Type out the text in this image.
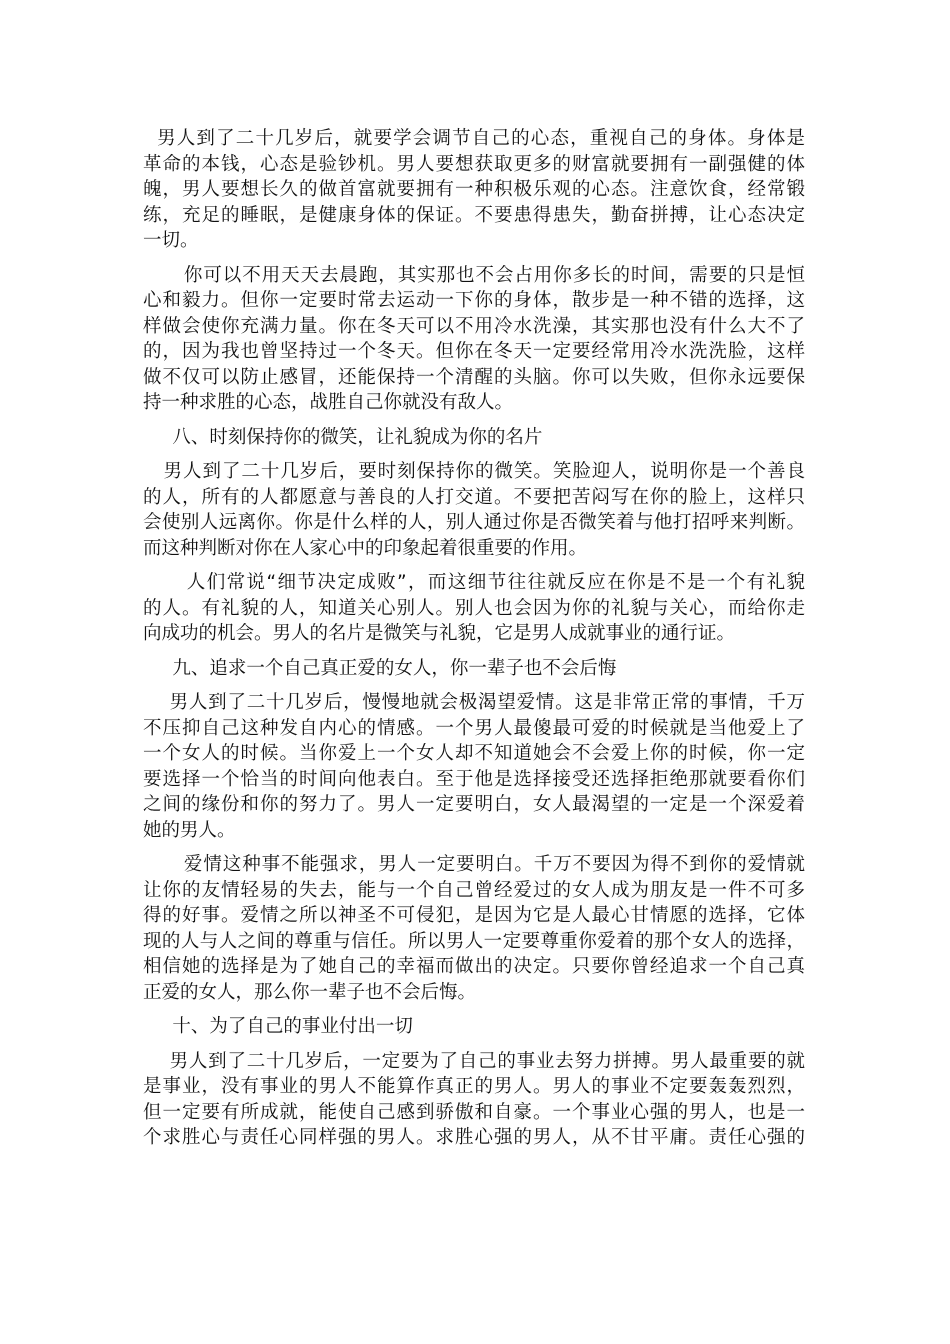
男人到了二十几岁后，就要学会调节自己的心态，重视自己的身体。身体是
革命的本钱，心态是验钞机。男人要想获取更多的财富就要拥有一副强健的体
魄，男人要想长久的做首富就要拥有一种积极乐观的心态。注意饮食，经常锻
练，充足的睡眠，是健康身体的保证。不要患得患失，勤奋拼搏，让心态决定
一切。
你可以不用天天去晨跑，其实那也不会占用你多长的时间，需要的只是恒
心和毅力。但你一定要时常去运动一下你的身体，散步是一种不错的选择，这
样做会使你充满力量。你在冬天可以不用冷水洗澡，其实那也没有什么大不了
的，因为我也曾坚持过一个冬天。但你在冬天一定要经常用冷水洗洗脸，这样
做不仅可以防止感冒，还能保持一个清醒的头脑。你可以失败，但你永远要保
持一种求胜的心态，战胜自己你就没有敌人。
八、时刻保持你的微笑，让礼貌成为你的名片
男人到了二十几岁后，要时刻保持你的微笑。笑脸迎人，说明你是一个善良
的人，所有的人都愿意与善良的人打交道。不要把苦闷写在你的脸上，这样只
会使别人远离你。你是什么样的人，别人通过你是否微笑着与他打招呼来判断。
而这种判断对你在人家心中的印象起着很重要的作用。
人们常说“细节决定成败”，而这细节往往就反应在你是不是一个有礼貌
的人。有礼貌的人，知道关心别人。别人也会因为你的礼貌与关心，而给你走
向成功的机会。男人的名片是微笑与礼貌，它是男人成就事业的通行证。
九、追求一个自己真正爱的女人，你一辈子也不会后悔
男人到了二十几岁后，慢慢地就会极渴望爱情。这是非常正常的事情，千万
不压抑自己这种发自内心的情感。一个男人最傻最可爱的时候就是当他爱上了
一个女人的时候。当你爱上一个女人却不知道她会不会爱上你的时候，你一定
要选择一个恰当的时间向他表白。至于他是选择接受还选择拒绝那就要看你们
之间的缘份和你的努力了。男人一定要明白，女人最渴望的一定是一个深爱着
她的男人。
爱情这种事不能强求，男人一定要明白。千万不要因为得不到你的爱情就
让你的友情轻易的失去，能与一个自己曾经爱过的女人成为朋友是一件不可多
得的好事。爱情之所以神圣不可侵犯，是因为它是人最心甘情愿的选择，它体
现的人与人之间的尊重与信任。所以男人一定要尊重你爱着的那个女人的选择，
相信她的选择是为了她自己的幸福而做出的决定。只要你曾经追求一个自己真
正爱的女人，那么你一辈子也不会后悔。
十、为了自己的事业付出一切
男人到了二十几岁后，一定要为了自己的事业去努力拼搏。男人最重要的就
是事业，没有事业的男人不能算作真正的男人。男人的事业不定要轰轰烈烈，
但一定要有所成就，能使自己感到骄傲和自豪。一个事业心强的男人，也是一
个求胜心与责任心同样强的男人。求胜心强的男人，从不甘平庸。责任心强的
